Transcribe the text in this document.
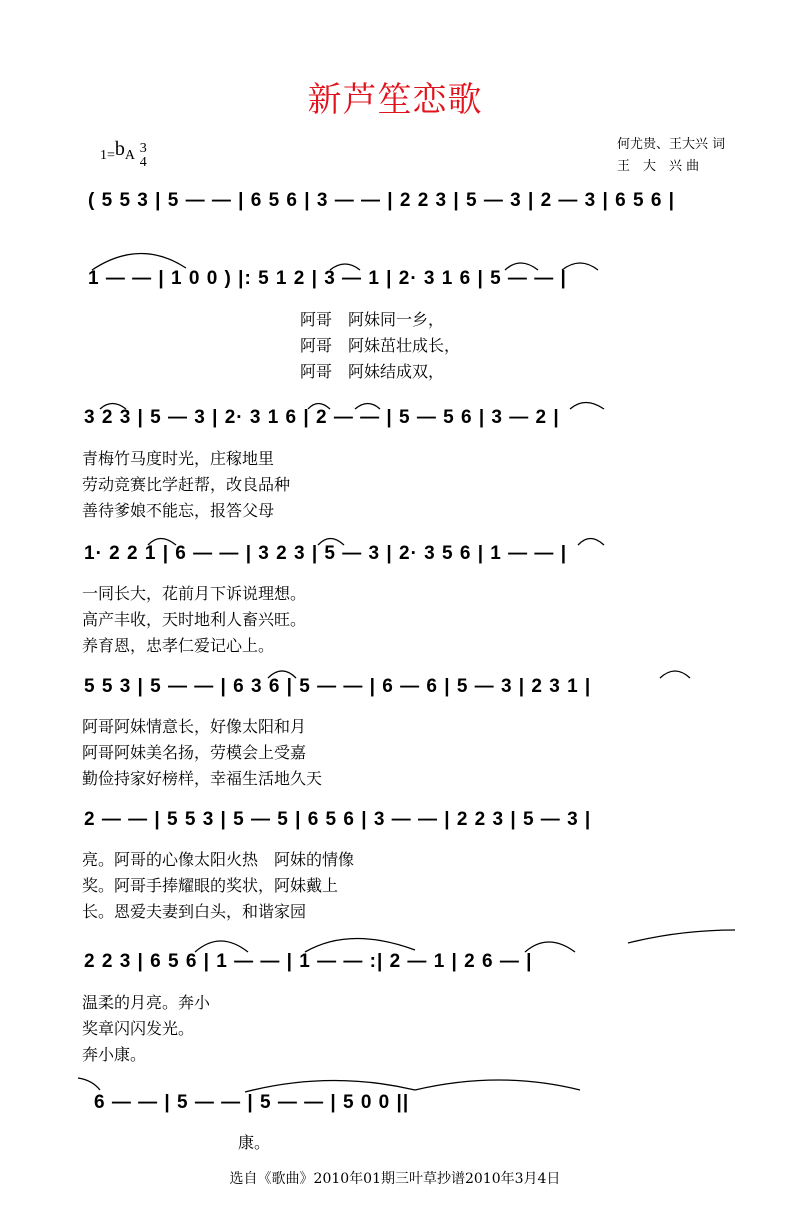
新芦笙恋歌
1=bA 3
4
何尤贵、王大兴 词
王　大　兴 曲
( 5 5 3 | 5 — — | 6 5 6 | 3 — — | 2 2 3 | 5 — 3 | 2 — 3 | 6 5 6 |
1 — — | 1 0 0 ) |: 5 1 2 | 3 — 1 | 2· 3 1 6 | 5 — — |
阿哥　阿妹同一乡，
阿哥　阿妹茁壮成长，
阿哥　阿妹结成双，
3 2 3 | 5 — 3 | 2· 3 1 6 | 2 — — | 5 — 5 6 | 3 — 2 |
青梅竹马度时光，庄稼地里
劳动竞赛比学赶帮，改良品种
善待爹娘不能忘，报答父母
1· 2 2 1 | 6 — — | 3 2 3 | 5 — 3 | 2· 3 5 6 | 1 — — |
一同长大，花前月下诉说理想。
高产丰收，天时地利人畜兴旺。
养育恩，忠孝仁爱记心上。
5 5 3 | 5 — — | 6 3 6 | 5 — — | 6 — 6 | 5 — 3 | 2 3 1 |
阿哥阿妹情意长，好像太阳和月
阿哥阿妹美名扬，劳模会上受嘉
勤俭持家好榜样，幸福生活地久天
2 — — | 5 5 3 | 5 — 5 | 6 5 6 | 3 — — | 2 2 3 | 5 — 3 |
亮。阿哥的心像太阳火热　阿妹的情像
奖。阿哥手捧耀眼的奖状，阿妹戴上
长。恩爱夫妻到白头，和谐家园
2 2 3 | 6 5 6 | 1 — — | 1 — — :| 2 — 1 | 2 6 — |
温柔的月亮。奔小
奖章闪闪发光。
奔小康。
6 — — | 5 — — | 5 — — | 5 0 0 ||
康。
选自《歌曲》2010年01期三叶草抄谱2010年3月4日
